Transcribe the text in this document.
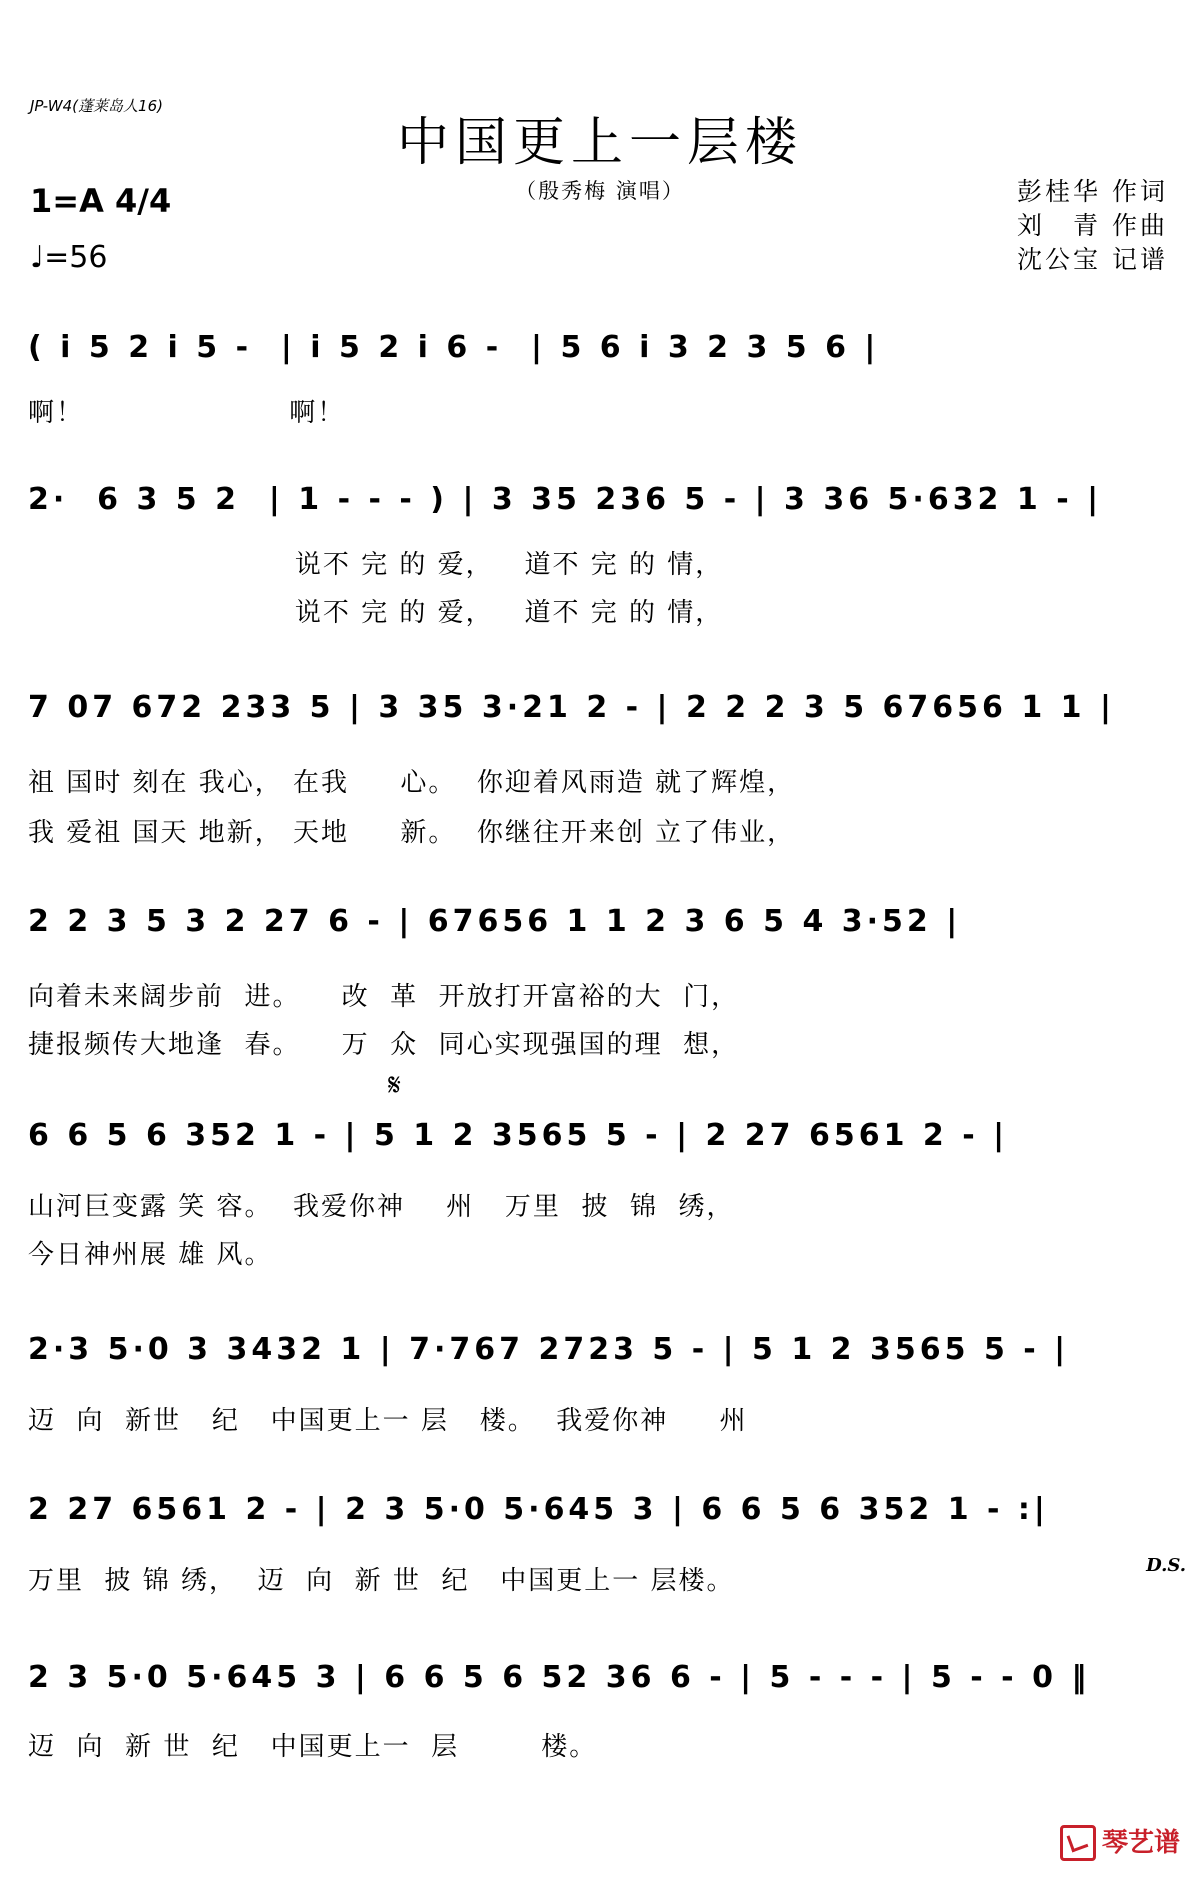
JP-W4(蓬莱岛人16)
中国更上一层楼
（殷秀梅 演唱）
1=A 4/4
♩=56
彭桂华 作词
刘　青 作曲
沈公宝 记谱
( i 5 2 i 5 -  | i 5 2 i 6 -  | 5 6 i 3 2 3 5 6 |
啊！                    啊！
2·  6 3 5 2  | 1 - - - ) | 3 35 236 5 - | 3 36 5·632 1 - |
说不 完 的 爱，   道不 完 的 情，
说不 完 的 爱，   道不 完 的 情，
7 07 672 233 5 | 3 35 3·21 2 - | 2 2 2 3 5 67656 1 1 |
祖 国时 刻在 我心， 在我     心。  你迎着风雨造 就了辉煌，
我 爱祖 国天 地新， 天地     新。  你继往开来创 立了伟业，
2 2 3 5 3 2 27 6 - | 67656 1 1 2 3 6 5 4 3·52 |
向着未来阔步前  进。    改  革  开放打开富裕的大  门，
捷报频传大地逢  春。    万  众  同心实现强国的理  想，
𝄋
6 6 5 6 352 1 - | 5 1 2 3565 5 - | 2 27 6561 2 - |
山河巨变露 笑 容。  我爱你神    州   万里  披  锦  绣，
今日神州展 雄 风。
2·3 5·0 3 3432 1 | 7·767 2723 5 - | 5 1 2 3565 5 - |
迈  向  新世   纪   中国更上一 层   楼。  我爱你神     州
2 27 6561 2 - | 2 3 5·0 5·645 3 | 6 6 5 6 352 1 - :|
万里  披 锦 绣，  迈  向  新 世  纪   中国更上一 层楼。
D.S.
2 3 5·0 5·645 3 | 6 6 5 6 52 36 6 - | 5 - - - | 5 - - 0 ‖
迈  向  新 世  纪   中国更上一  层        楼。
琴艺谱
